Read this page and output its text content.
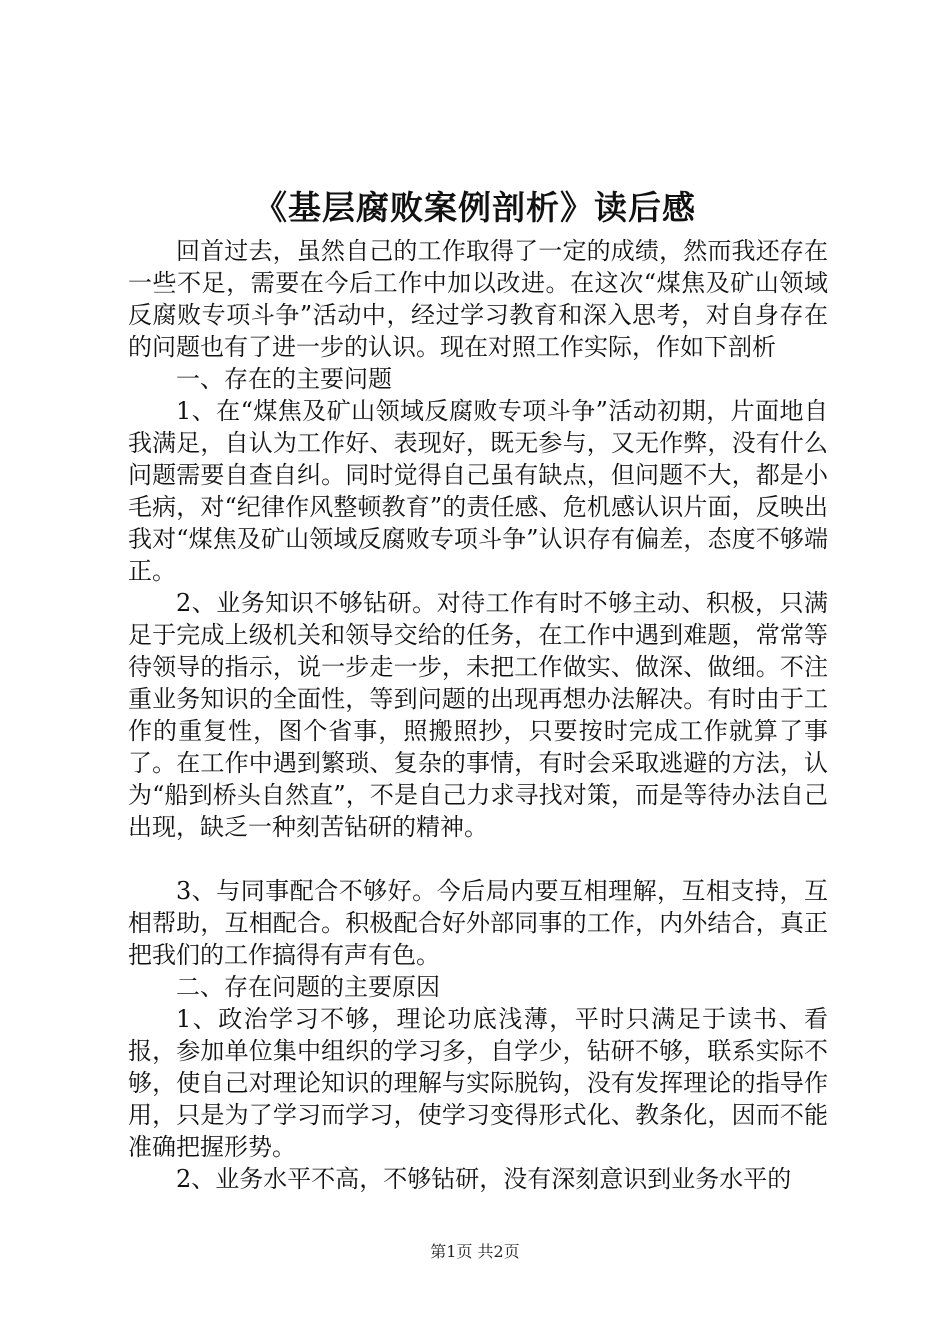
《基层腐败案例剖析》读后感

回首过去，虽然自己的工作取得了一定的成绩，然而我还存在一些不足，需要在今后工作中加以改进。在这次“煤焦及矿山领域反腐败专项斗争”活动中，经过学习教育和深入思考，对自身存在的问题也有了进一步的认识。现在对照工作实际，作如下剖析

一、存在的主要问题

1、在“煤焦及矿山领域反腐败专项斗争”活动初期，片面地自我满足，自认为工作好、表现好，既无参与，又无作弊，没有什么问题需要自查自纠。同时觉得自己虽有缺点，但问题不大，都是小毛病，对“纪律作风整顿教育”的责任感、危机感认识片面，反映出我对“煤焦及矿山领域反腐败专项斗争”认识存有偏差，态度不够端正。

2、业务知识不够钻研。对待工作有时不够主动、积极，只满足于完成上级机关和领导交给的任务，在工作中遇到难题，常常等待领导的指示，说一步走一步，未把工作做实、做深、做细。不注重业务知识的全面性，等到问题的出现再想办法解决。有时由于工作的重复性，图个省事，照搬照抄，只要按时完成工作就算了事了。在工作中遇到繁琐、复杂的事情，有时会采取逃避的方法，认为“船到桥头自然直”，不是自己力求寻找对策，而是等待办法自己出现，缺乏一种刻苦钻研的精神。

3、与同事配合不够好。今后局内要互相理解，互相支持，互相帮助，互相配合。积极配合好外部同事的工作，内外结合，真正把我们的工作搞得有声有色。

二、存在问题的主要原因

1、政治学习不够，理论功底浅薄，平时只满足于读书、看报，参加单位集中组织的学习多，自学少，钻研不够，联系实际不够，使自己对理论知识的理解与实际脱钩，没有发挥理论的指导作用，只是为了学习而学习，使学习变得形式化、教条化，因而不能准确把握形势。

2、业务水平不高，不够钻研，没有深刻意识到业务水平的

第1页 共2页
